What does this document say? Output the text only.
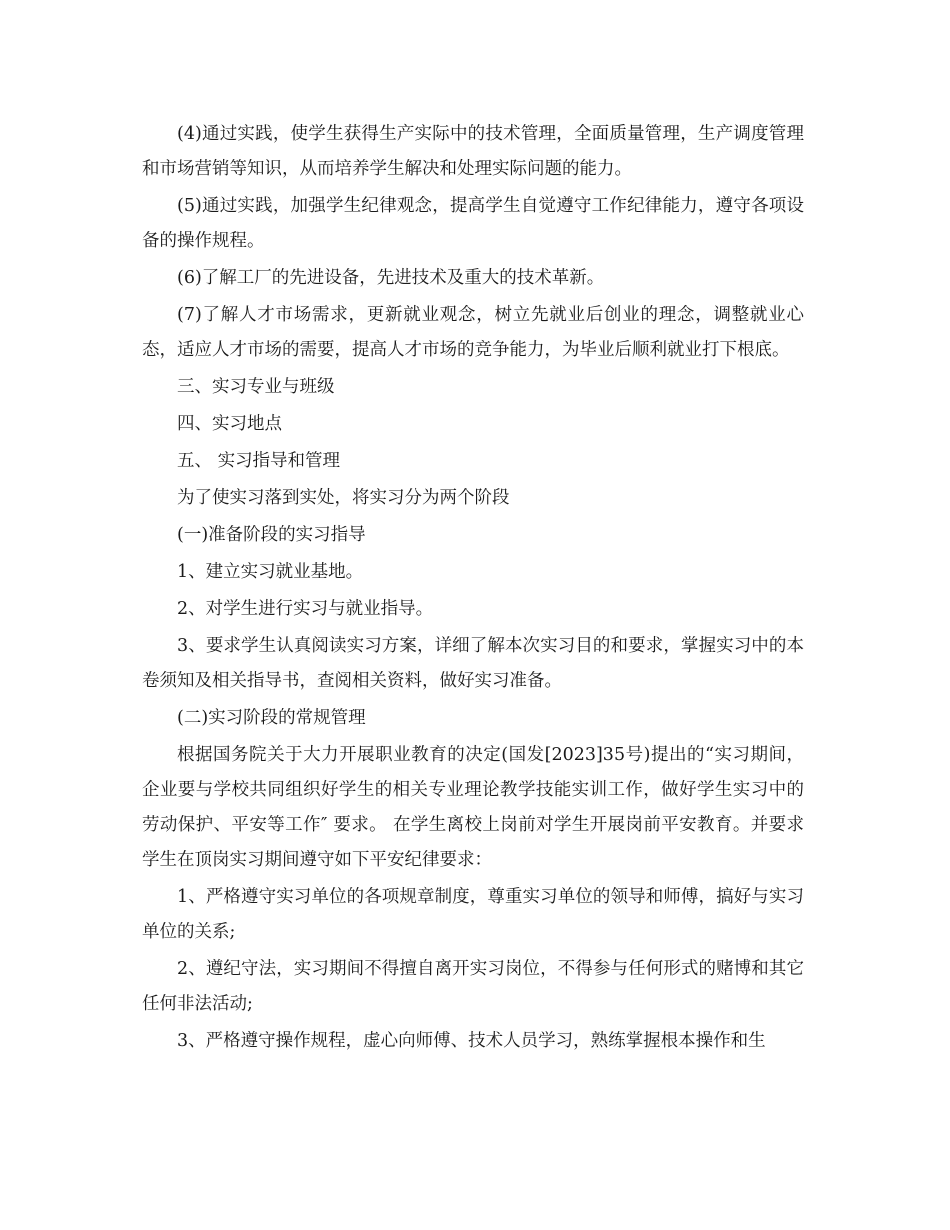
(4)通过实践，使学生获得生产实际中的技术管理，全面质量管理，生产调度管理和市场营销等知识，从而培养学生解决和处理实际问题的能力。

(5)通过实践，加强学生纪律观念，提高学生自觉遵守工作纪律能力，遵守各项设备的操作规程。

(6)了解工厂的先进设备，先进技术及重大的技术革新。

(7)了解人才市场需求，更新就业观念，树立先就业后创业的理念，调整就业心态，适应人才市场的需要，提高人才市场的竞争能力，为毕业后顺利就业打下根底。

三、实习专业与班级

四、实习地点

五、 实习指导和管理

为了使实习落到实处，将实习分为两个阶段

(一)准备阶段的实习指导

1、建立实习就业基地。

2、对学生进行实习与就业指导。

3、要求学生认真阅读实习方案，详细了解本次实习目的和要求，掌握实习中的本卷须知及相关指导书，查阅相关资料，做好实习准备。

(二)实习阶段的常规管理

根据国务院关于大力开展职业教育的决定(国发[2023]35号)提出的“实习期间，企业要与学校共同组织好学生的相关专业理论教学技能实训工作，做好学生实习中的劳动保护、平安等工作″ 要求。 在学生离校上岗前对学生开展岗前平安教育。并要求学生在顶岗实习期间遵守如下平安纪律要求：

1、严格遵守实习单位的各项规章制度，尊重实习单位的领导和师傅，搞好与实习单位的关系;

2、遵纪守法，实习期间不得擅自离开实习岗位，不得参与任何形式的赌博和其它任何非法活动;

3、严格遵守操作规程，虚心向师傅、技术人员学习，熟练掌握根本操作和生
